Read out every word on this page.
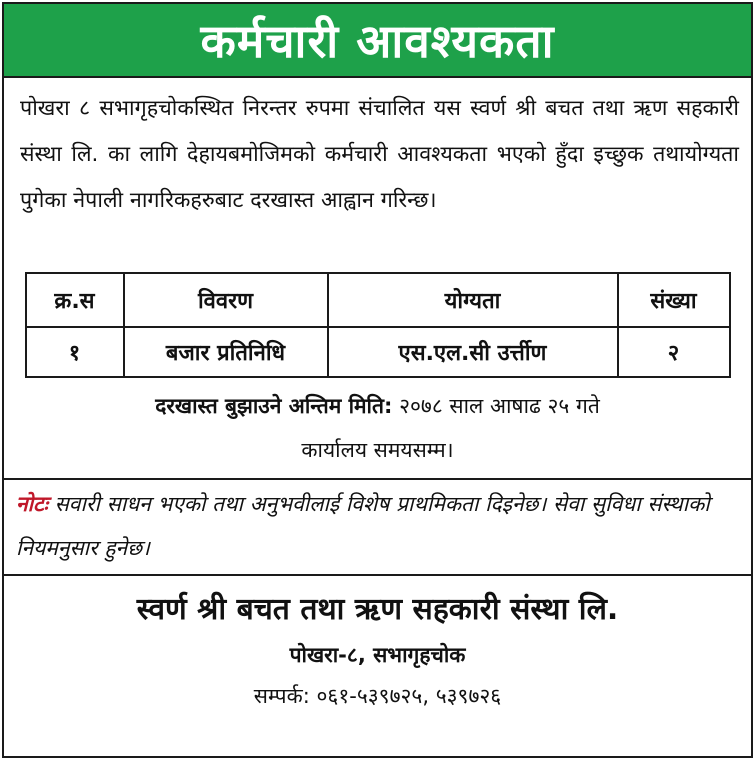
कर्मचारी आवश्यकता
पोखरा ८ सभागृहचोकस्थित निरन्तर रुपमा संचालित यस स्वर्ण श्री बचत तथा ऋण सहकारी संस्था लि. का लागि देहायबमोजिमको कर्मचारी आवश्यकता भएको हुँदा इच्छुक तथायोग्यता पुगेका नेपाली नागरिकहरुबाट दरखास्त आह्वान गरिन्छ।
क्र.स	विवरण	योग्यता	संख्या
१	बजार प्रतिनिधि	एस.एल.सी उर्त्तीण	२
दरखास्त बुझाउने अन्तिम मिति: २०७८ साल आषाढ २५ गते
कार्यालय समयसम्म।
नोटः सवारी साधन भएको तथा अनुभवीलाई विशेष प्राथमिकता दिइनेछ। सेवा सुविधा संस्थाको नियमनुसार हुनेछ।
स्वर्ण श्री बचत तथा ऋण सहकारी संस्था लि.
पोखरा-८, सभागृहचोक
सम्पर्क: ०६१-५३९७२५, ५३९७२६
